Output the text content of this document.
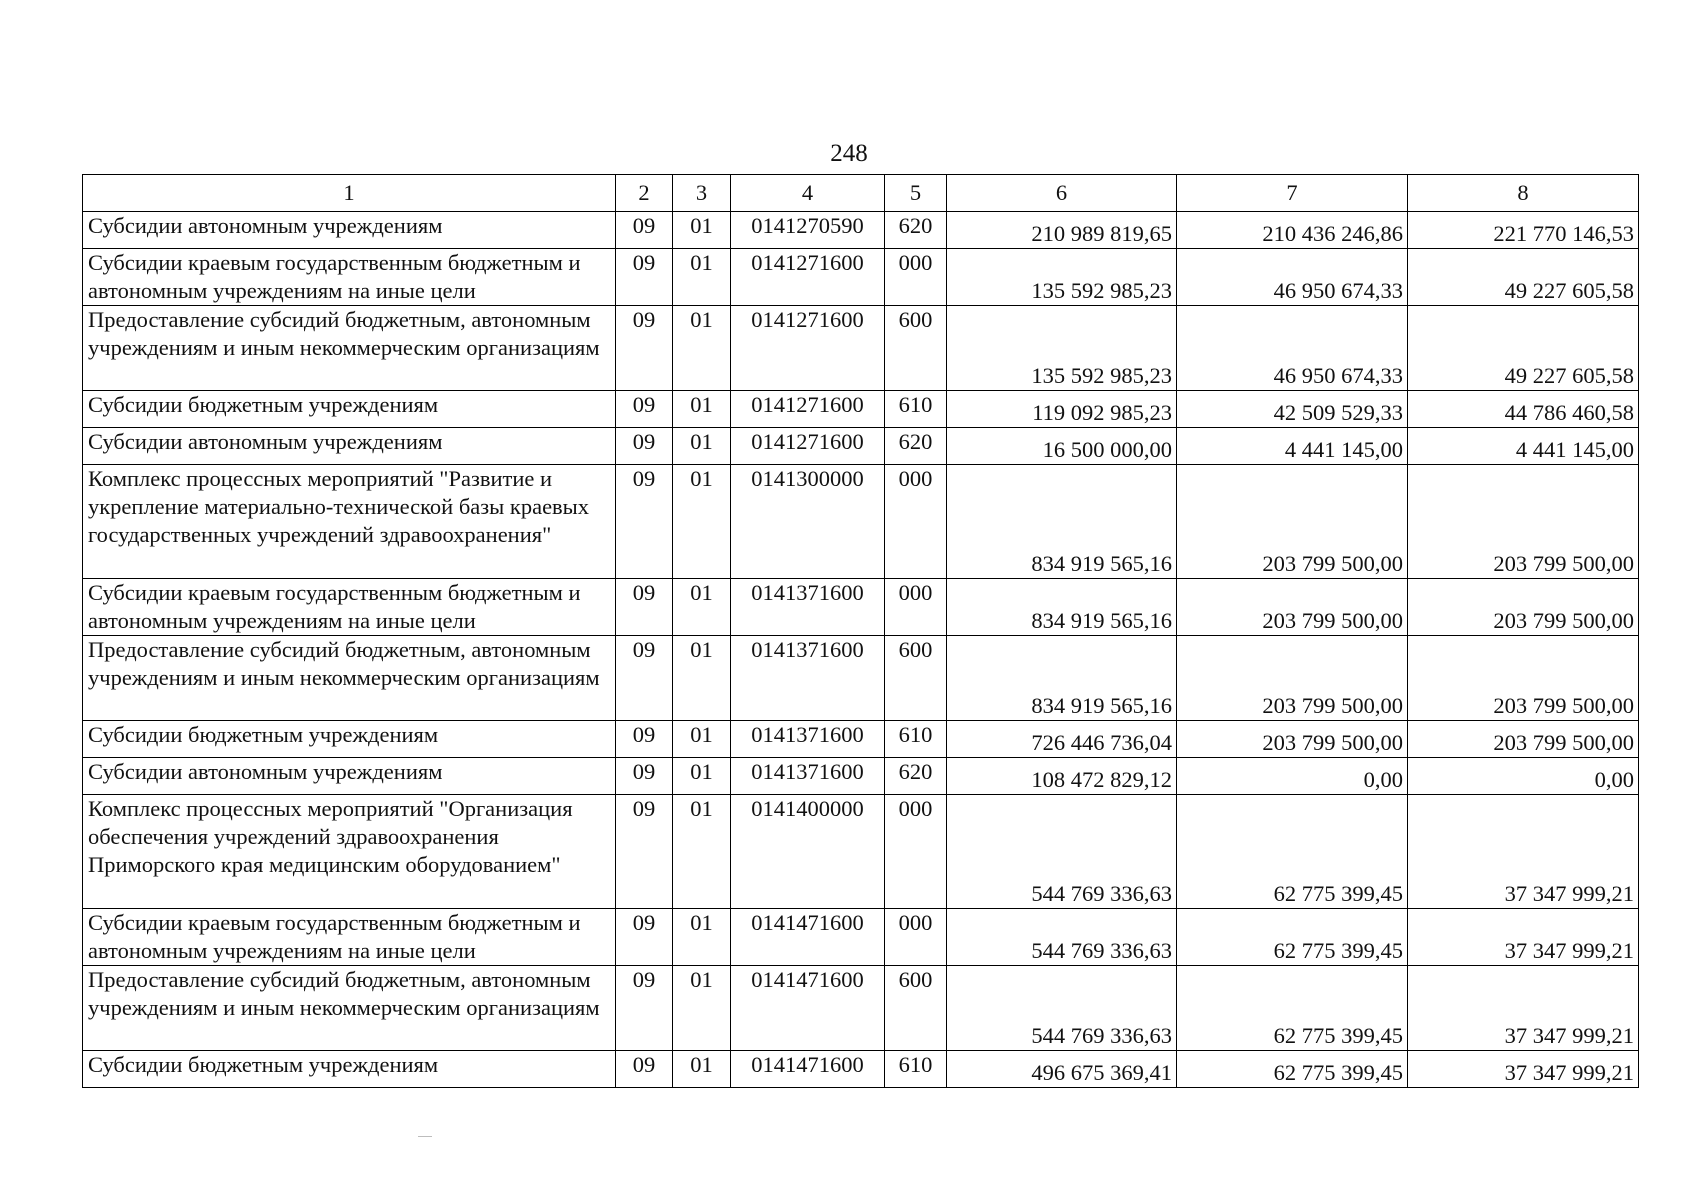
248
1	2	3	4	5	6	7	8
Субсидии автономным учреждениям	09	01	0141270590	620	210 989 819,65	210 436 246,86	221 770 146,53
Субсидии краевым государственным бюджетным и автономным учреждениям на иные цели	09	01	0141271600	000	135 592 985,23	46 950 674,33	49 227 605,58
Предоставление субсидий бюджетным, автономным учреждениям и иным некоммерческим организациям	09	01	0141271600	600	135 592 985,23	46 950 674,33	49 227 605,58
Субсидии бюджетным учреждениям	09	01	0141271600	610	119 092 985,23	42 509 529,33	44 786 460,58
Субсидии автономным учреждениям	09	01	0141271600	620	16 500 000,00	4 441 145,00	4 441 145,00
Комплекс процессных мероприятий "Развитие и укрепление материально-технической базы краевых государственных учреждений здравоохранения"	09	01	0141300000	000	834 919 565,16	203 799 500,00	203 799 500,00
Субсидии краевым государственным бюджетным и автономным учреждениям на иные цели	09	01	0141371600	000	834 919 565,16	203 799 500,00	203 799 500,00
Предоставление субсидий бюджетным, автономным учреждениям и иным некоммерческим организациям	09	01	0141371600	600	834 919 565,16	203 799 500,00	203 799 500,00
Субсидии бюджетным учреждениям	09	01	0141371600	610	726 446 736,04	203 799 500,00	203 799 500,00
Субсидии автономным учреждениям	09	01	0141371600	620	108 472 829,12	0,00	0,00
Комплекс процессных мероприятий "Организация обеспечения учреждений здравоохранения Приморского края медицинским оборудованием"	09	01	0141400000	000	544 769 336,63	62 775 399,45	37 347 999,21
Субсидии краевым государственным бюджетным и автономным учреждениям на иные цели	09	01	0141471600	000	544 769 336,63	62 775 399,45	37 347 999,21
Предоставление субсидий бюджетным, автономным учреждениям и иным некоммерческим организациям	09	01	0141471600	600	544 769 336,63	62 775 399,45	37 347 999,21
Субсидии бюджетным учреждениям	09	01	0141471600	610	496 675 369,41	62 775 399,45	37 347 999,21
